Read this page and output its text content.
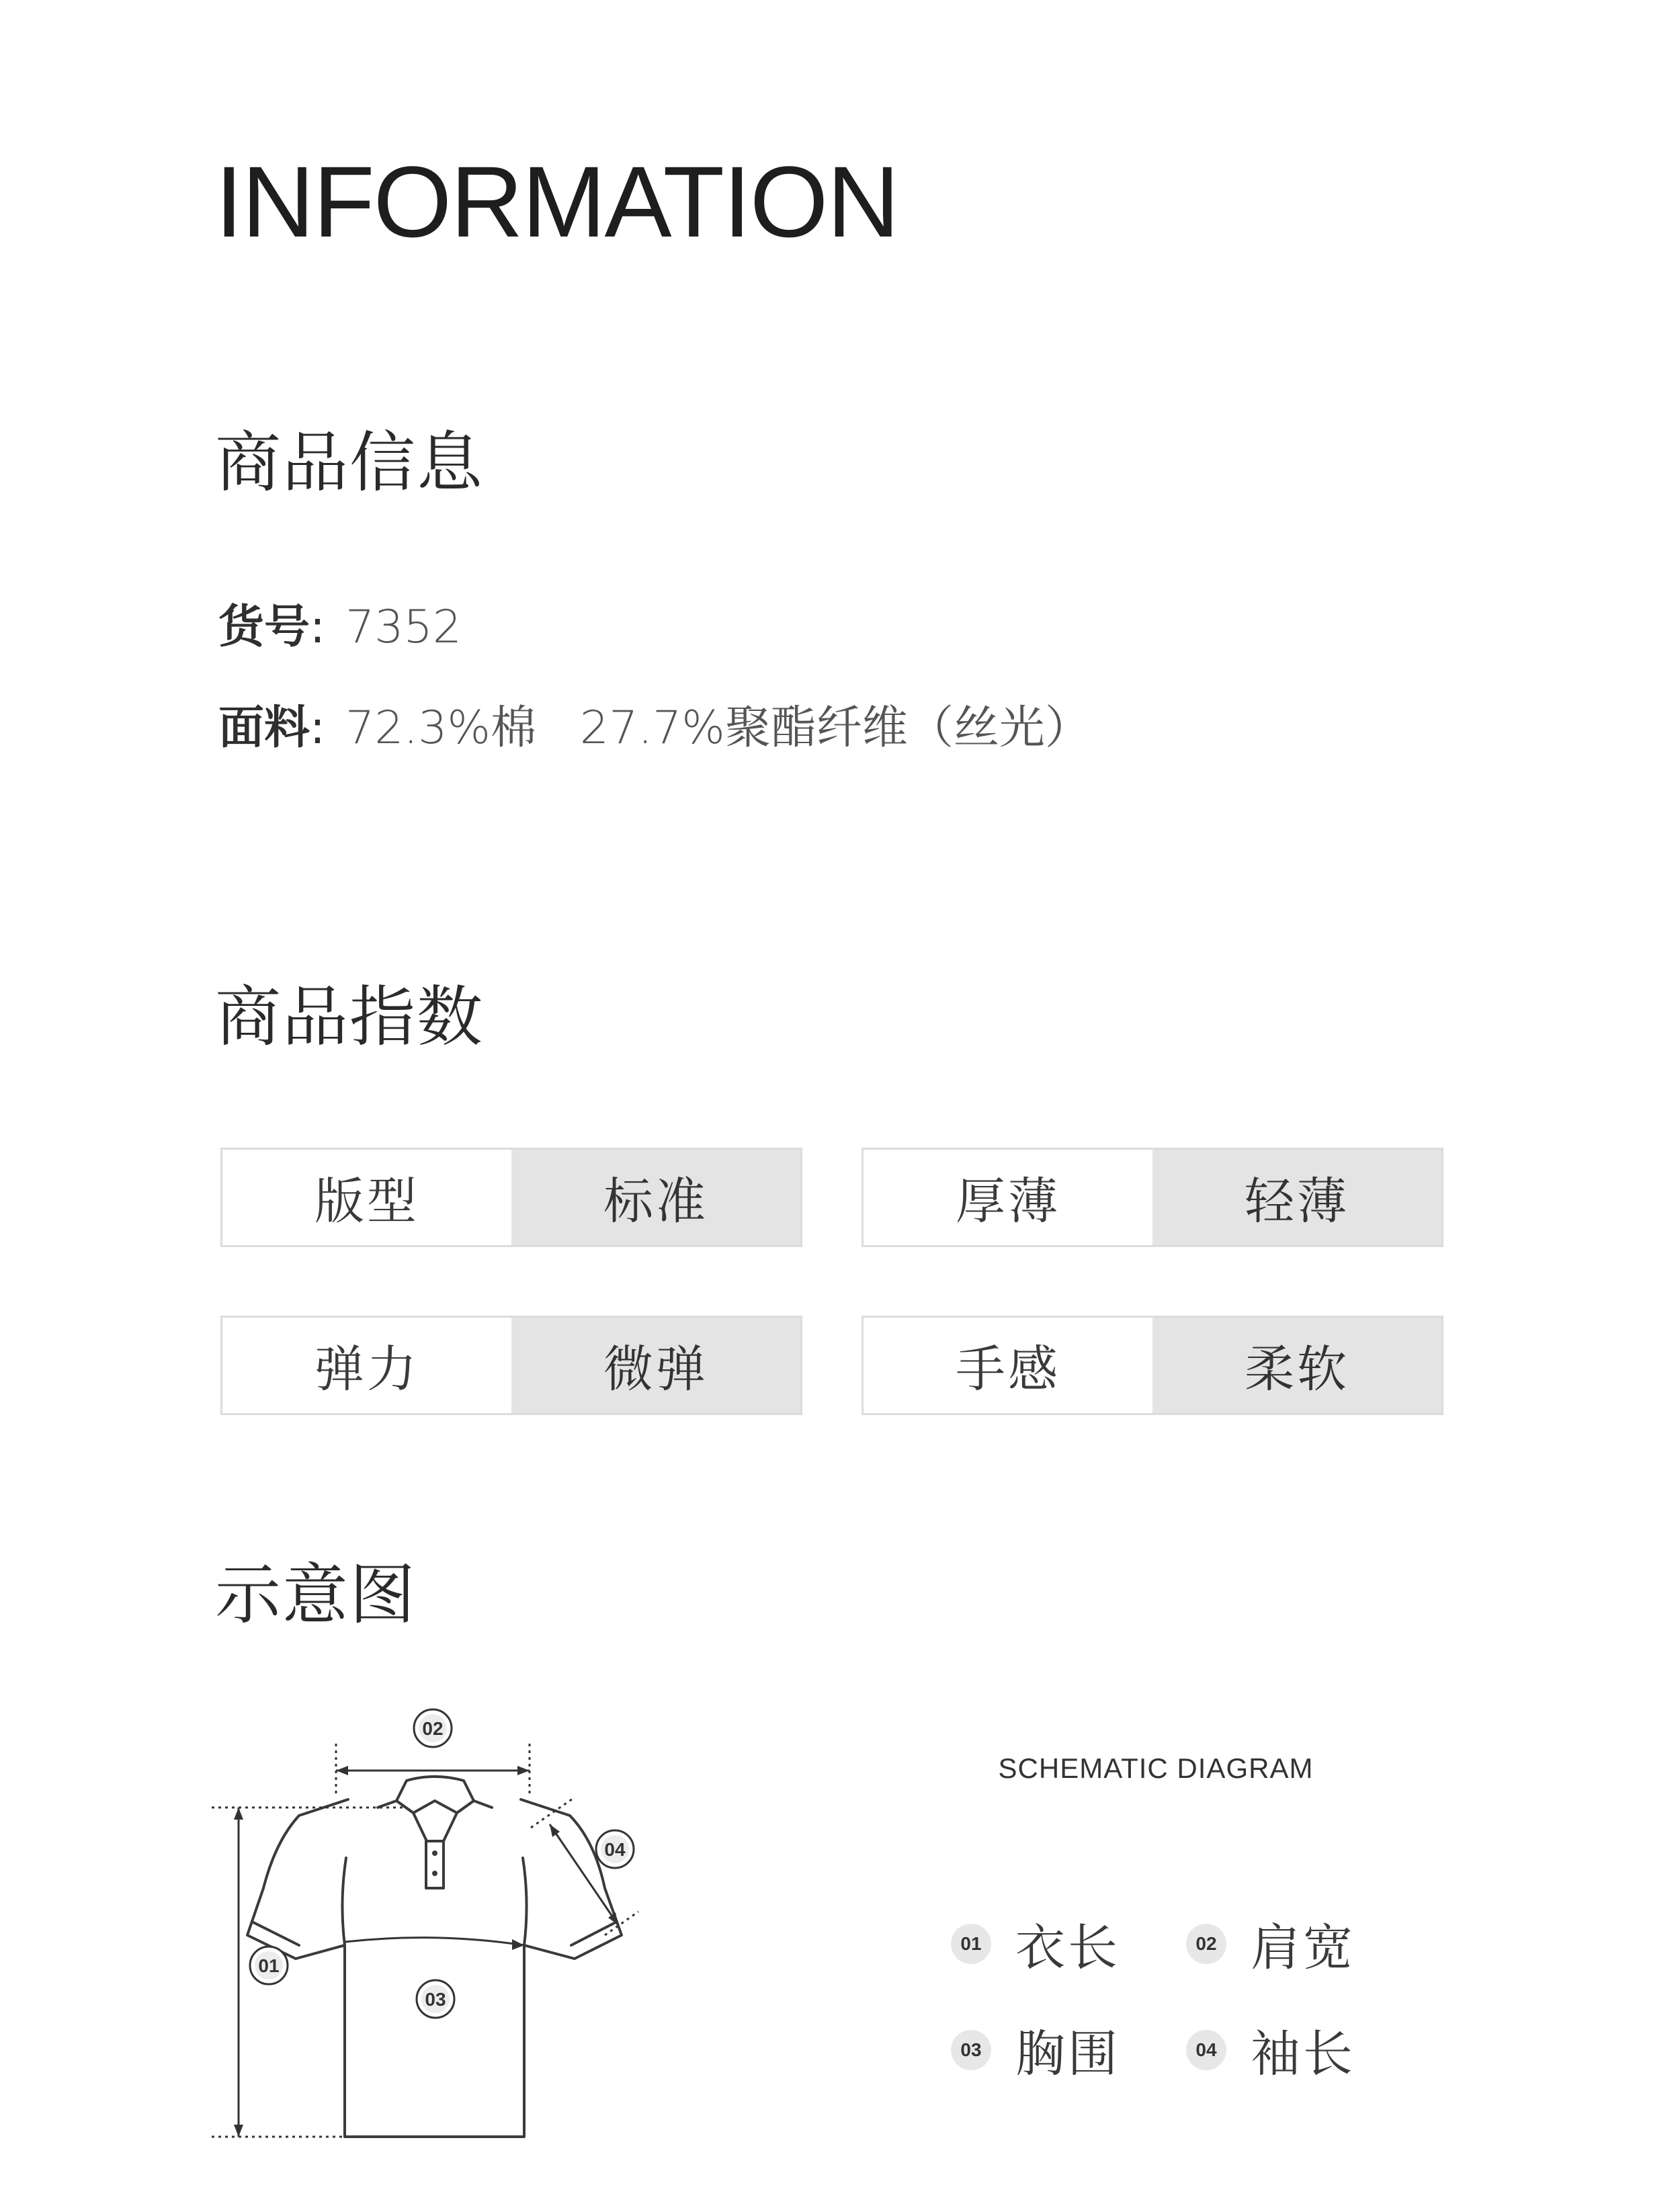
INFORMATION
商品信息
货号: 7352
面料: 72.3%棉   27.7%聚酯纤维（丝光）
商品指数
版型	标准	厚薄	轻薄
弹力	微弹	手感	柔软
示意图
02
01
03
04
SCHEMATIC DIAGRAM
01 衣长	02 肩宽
03 胸围	04 袖长
